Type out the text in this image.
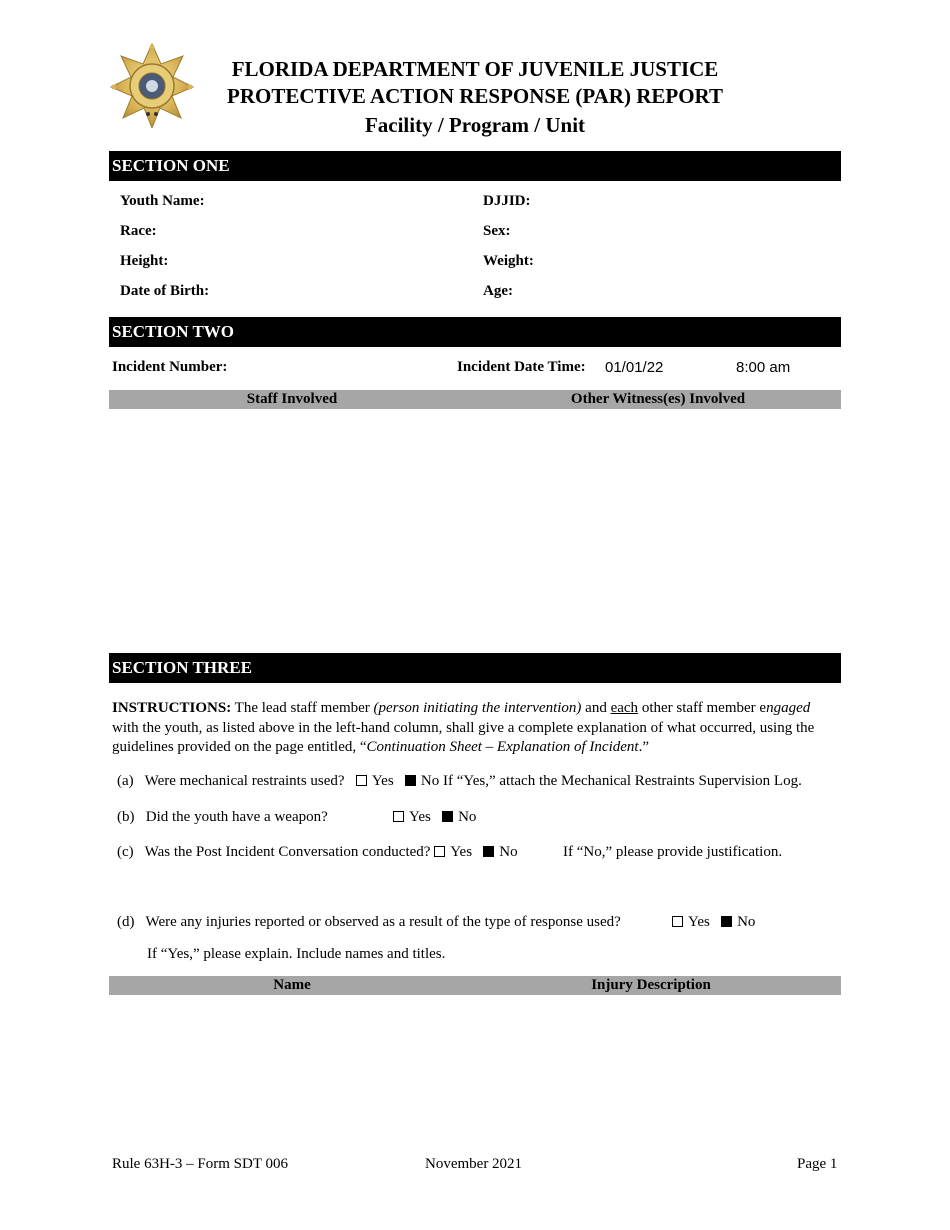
FLORIDA DEPARTMENT OF JUVENILE JUSTICE
PROTECTIVE ACTION RESPONSE (PAR) REPORT
Facility / Program / Unit
SECTION ONE
Youth Name:	DJJID:
Race:	Sex:
Height:	Weight:
Date of Birth:	Age:
SECTION TWO
Incident Number:	Incident Date Time: 01/01/22	8:00 am
Staff Involved	Other Witness(es) Involved
SECTION THREE
INSTRUCTIONS: The lead staff member (person initiating the intervention) and each other staff member engaged with the youth, as listed above in the left-hand column, shall give a complete explanation of what occurred, using the guidelines provided on the page entitled, “Continuation Sheet – Explanation of Incident.”
(a) Were mechanical restraints used? Yes No If “Yes,” attach the Mechanical Restraints Supervision Log.
(b) Did the youth have a weapon?	Yes No
(c) Was the Post Incident Conversation conducted? Yes No	If “No,” please provide justification.
(d) Were any injuries reported or observed as a result of the type of response used?	Yes No
If “Yes,” please explain. Include names and titles.
Name	Injury Description
Rule 63H-3 – Form SDT 006	November 2021	Page 1
